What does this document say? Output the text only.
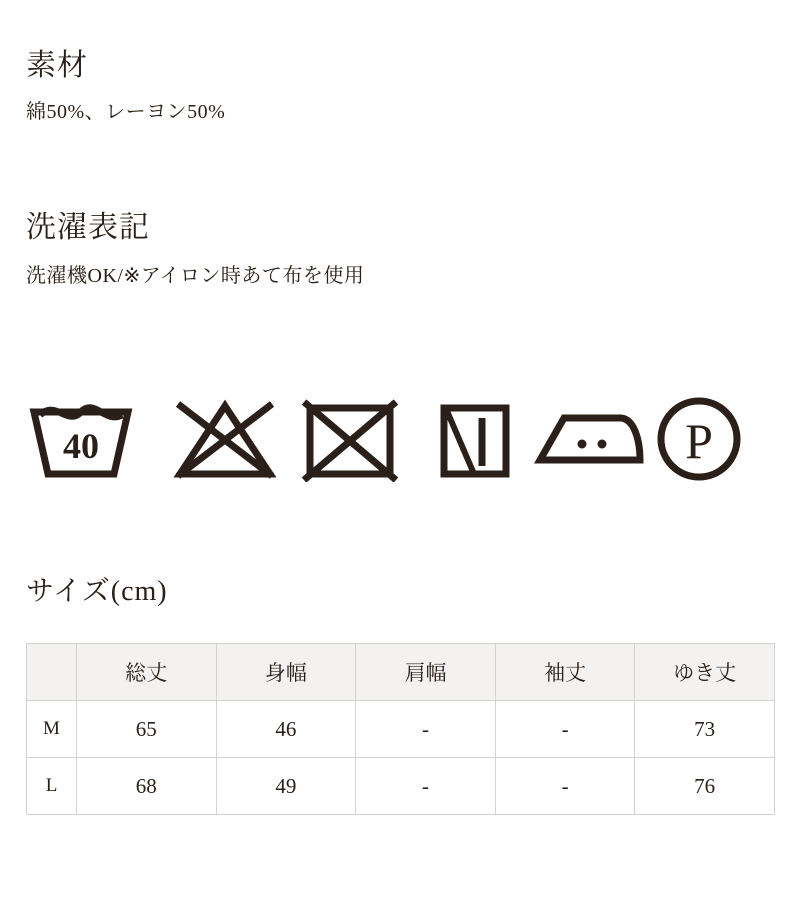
素材

綿50%、レーヨン50%

洗濯表記

洗濯機OK/※アイロン時あて布を使用

40	P
サイズ(cm)
	総丈	身幅	肩幅	袖丈	ゆき丈
M	65	46	-	-	73
L	68	49	-	-	76
